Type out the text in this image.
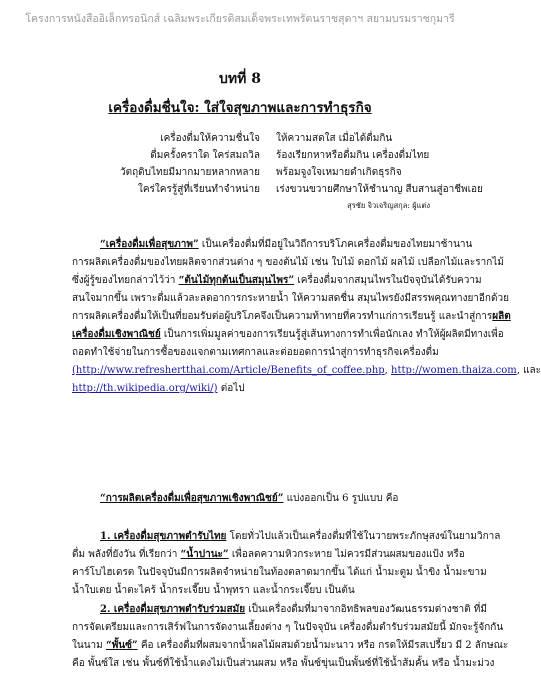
โครงการหนังสืออิเล็กทรอนิกส์ เฉลิมพระเกียรติสมเด็จพระเทพรัตนราชสุดาฯ สยามบรมราชกุมารี
บทที่ 8
เครื่องดื่มชื่นใจ: ใส่ใจสุขภาพและการทำธุรกิจ
เครื่องดื่มให้ความชื่นใจ ให้ความสดใส เมื่อได้ดื่มกิน
ดื่มครั้งคราใด ใคร่สมถวิล ร้องเรียกหาหรือดื่มกิน เครื่องดื่มไทย
วัตถุดิบไทยมีมากมายหลากหลาย พร้อมจูงใจเหมายดำเกิดธุรกิจ
ใคร่ใครรู้สู่ที่เรียนทำจำหน่าย เร่งขวนขวายศึกษาให้ชำนาญ สืบสานสู่อาชีพเอย
สุรชัย จิวเจริญสกุล: ผู้แต่ง
“เครื่องดื่มเพื่อสุขภาพ” เป็นเครื่องดื่มที่มีอยู่ในวิถีการบริโภคเครื่องดื่มของไทยมาช้านาน
การผลิตเครื่องดื่มของไทยผลิตจากส่วนต่าง ๆ ของต้นไม้ เช่น ใบไม้ ดอกไม้ ผลไม้ เปลือกไม้และรากไม้
ซึ่งผู้รู้ของไทยกล่าวไว้ว่า “ต้นไม้ทุกต้นเป็นสมุนไพร” เครื่องดื่มจากสมุนไพรในปัจจุบันได้รับความ
สนใจมากขึ้น เพราะดื่มแล้วละลดอาการกระหายน้ำ ให้ความสดชื่น สมุนไพรยังมีสรรพคุณทางยาอีกด้วย
การผลิตเครื่องดื่มให้เป็นที่ยอมรับต่อผู้บริโภคจึงเป็นความท้าทายที่ควรทำแก่การเรียนรู้ และนำสู่การผลิต
เครื่องดื่มเชิงพาณิชย์ เป็นการเพิ่มมูลค่าของการเรียนรู้สู่เส้นทางการทำเพื่อนักเลง ทำให้ผู้ผลิตมีทางเพื่อ
ถอดทำใช้จ่ายในการซื้อของแจกตามเทศกาลและต่อยอดการนำสู่การทำธุรกิจเครื่องดื่ม
(http://www.refreshertthai.com/Article/Benefits_of_coffee.php, http://women.thaiza.com, และ
http://th.wikipedia.org/wiki/) ต่อไป
“การผลิตเครื่องดื่มเพื่อสุขภาพเชิงพาณิชย์” แบ่งออกเป็น 6 รูปแบบ คือ
1. เครื่องดื่มสุขภาพตำรับไทย โดยทั่วไปแล้วเป็นเครื่องดื่มที่ใช้ในวายพระภักษุสงฆ์ในยามวิกาล
ดื่ม พลังที่ยังวัน ที่เรียกว่า “น้ำปานะ” เพื่อลดความหิวกระหาย ไม่ควรมีส่วนผสมของแป้ง หรือ
คาร์โบไฮเดรต ในปัจจุบันมีการผลิตจำหน่ายในท้องตลาดมากขึ้น ได้แก่ น้ำมะตูม น้ำขิง น้ำมะขาม
น้ำใบเตย น้ำตะไคร้ น้ำกระเจี๊ยบ น้ำพุทรา และน้ำกระเจี๊ยบ เป็นต้น
2. เครื่องดื่มสุขภาพตำรับร่วมสมัย เป็นเครื่องดื่มที่มาจากอิทธิพลของวัฒนธรรมต่างชาติ ที่มี
การจัดเตรียมและการเสิร์ฟในการจัดงานเลี้ยงต่าง ๆ ในปัจจุบัน เครื่องดื่มตำรับร่วมสมัยนี้ มักจะรู้จักกัน
ในนาม “พั้นซ์” คือ เครื่องดื่มที่ผสมจากน้ำผลไม้ผสมด้วยน้ำมะนาว หรือ กรดให้มีรสเปรี้ยว มี 2 ลักษณะ
คือ พั้นซ์ใส เช่น พั้นซ์ที่ใช้น้ำแดงไม่เป็นส่วนผสม หรือ พั้นซ์ขุ่นเป็นพั้นซ์ที่ใช้น้ำส้มคั้น หรือ น้ำมะม่วง
